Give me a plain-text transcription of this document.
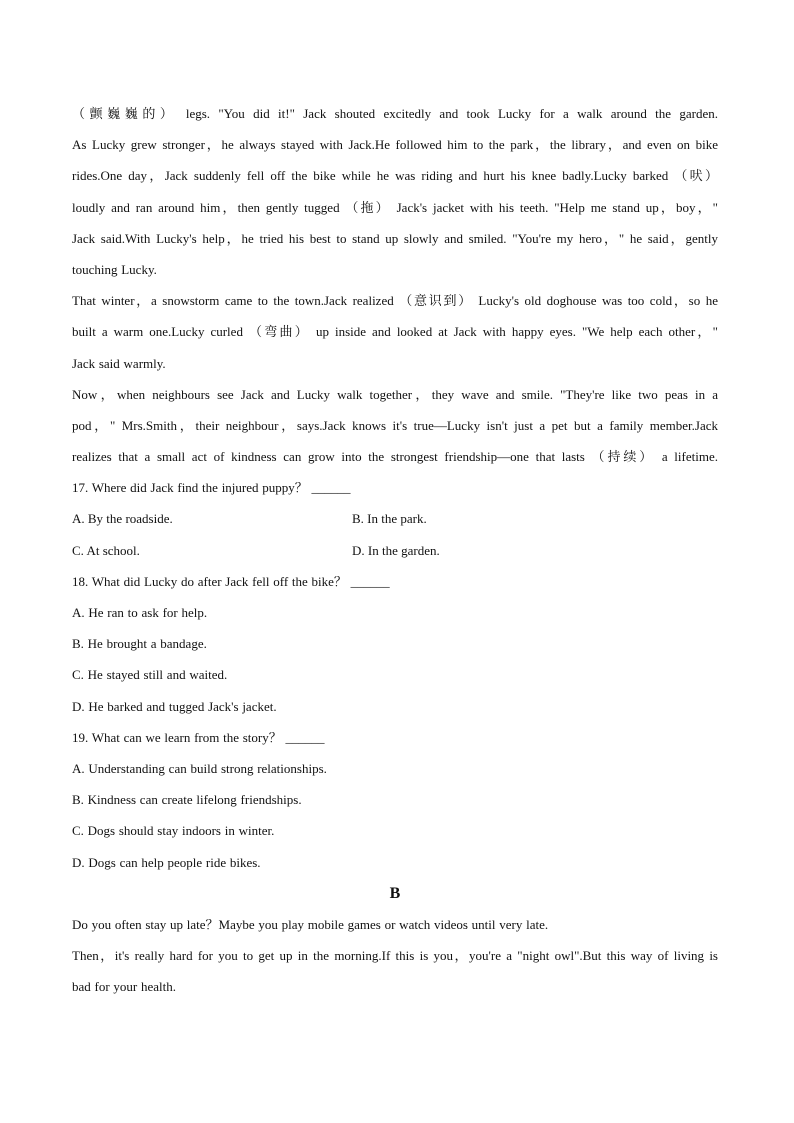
（颤巍巍的） legs. "You did it!" Jack shouted excitedly and took Lucky for a walk around the garden.
As Lucky grew stronger，he always stayed with Jack.He followed him to the park，the library，and even on bike
rides.One day，Jack suddenly fell off the bike while he was riding and hurt his knee badly.Lucky barked （吠）
loudly and ran around him，then gently tugged （拖） Jack's jacket with his teeth. "Help me stand up，boy，"
Jack said.With Lucky's help，he tried his best to stand up slowly and smiled. "You're my hero，" he said，gently
touching Lucky.
That winter，a snowstorm came to the town.Jack realized （意识到） Lucky's old doghouse was too cold，so he
built a warm one.Lucky curled （弯曲） up inside and looked at Jack with happy eyes. "We help each other，"
Jack said warmly.
Now，when neighbours see Jack and Lucky walk together，they wave and smile. "They're like two peas in a
pod，" Mrs.Smith，their neighbour，says.Jack knows it's true—Lucky isn't just a pet but a family member.Jack
realizes that a small act of kindness can grow into the strongest friendship—one that lasts （持续） a lifetime.
17. Where did Jack find the injured puppy？ ______
A. By the roadside.	B. In the park.
C. At school.	D. In the garden.
18. What did Lucky do after Jack fell off the bike？ ______
A. He ran to ask for help.
B. He brought a bandage.
C. He stayed still and waited.
D. He barked and tugged Jack's jacket.
19. What can we learn from the story？ ______
A. Understanding can build strong relationships.
B. Kindness can create lifelong friendships.
C. Dogs should stay indoors in winter.
D. Dogs can help people ride bikes.
B
Do you often stay up late？Maybe you play mobile games or watch videos until very late.
Then，it's really hard for you to get up in the morning.If this is you，you're a "night owl".But this way of living is
bad for your health.
